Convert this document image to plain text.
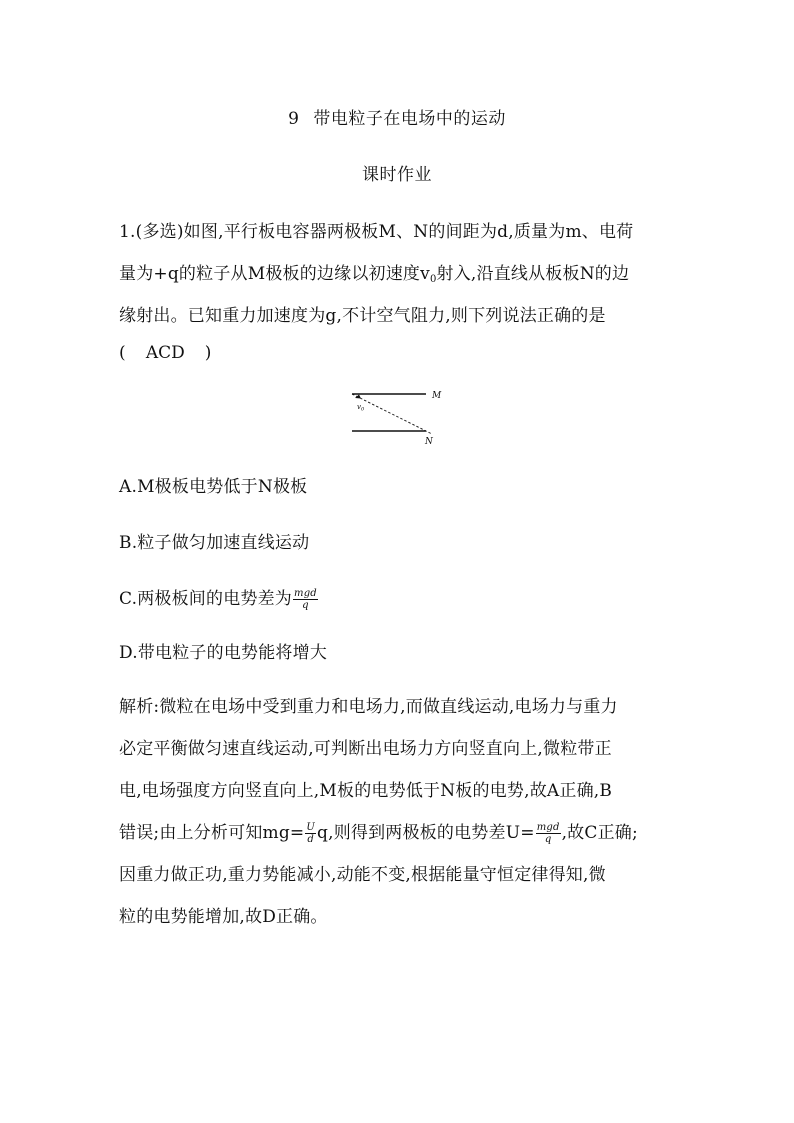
9 带电粒子在电场中的运动
课时作业
1.(多选)如图,平行板电容器两极板M、N的间距为d,质量为m、电荷
量为+q的粒子从M极板的边缘以初速度$v_0$射入,沿直线从板板N的边
缘射出。已知重力加速度为g,不计空气阻力,则下列说法正确的是
( ACD )
M
N
$v_0$
A.M极板电势低于N极板
B.粒子做匀加速直线运动
C.两极板间的电势差为 $\frac{\text{mgd}}{q}$
D.带电粒子的电势能将增大
解析:微粒在电场中受到重力和电场力,而做直线运动,电场力与重力
必定平衡做匀速直线运动,可判断出电场力方向竖直向上,微粒带正
电,电场强度方向竖直向上,M板的电势低于N板的电势,故A正确,B
错误;由上分析可知$mg= \frac{U}{d} q$,则得到两极板的电势差$U= \frac{\text{mgd}}{q}$ ,故C正确;
因重力做正功,重力势能减小,动能不变,根据能量守恒定律得知,微
粒的电势能增加,故D正确。
